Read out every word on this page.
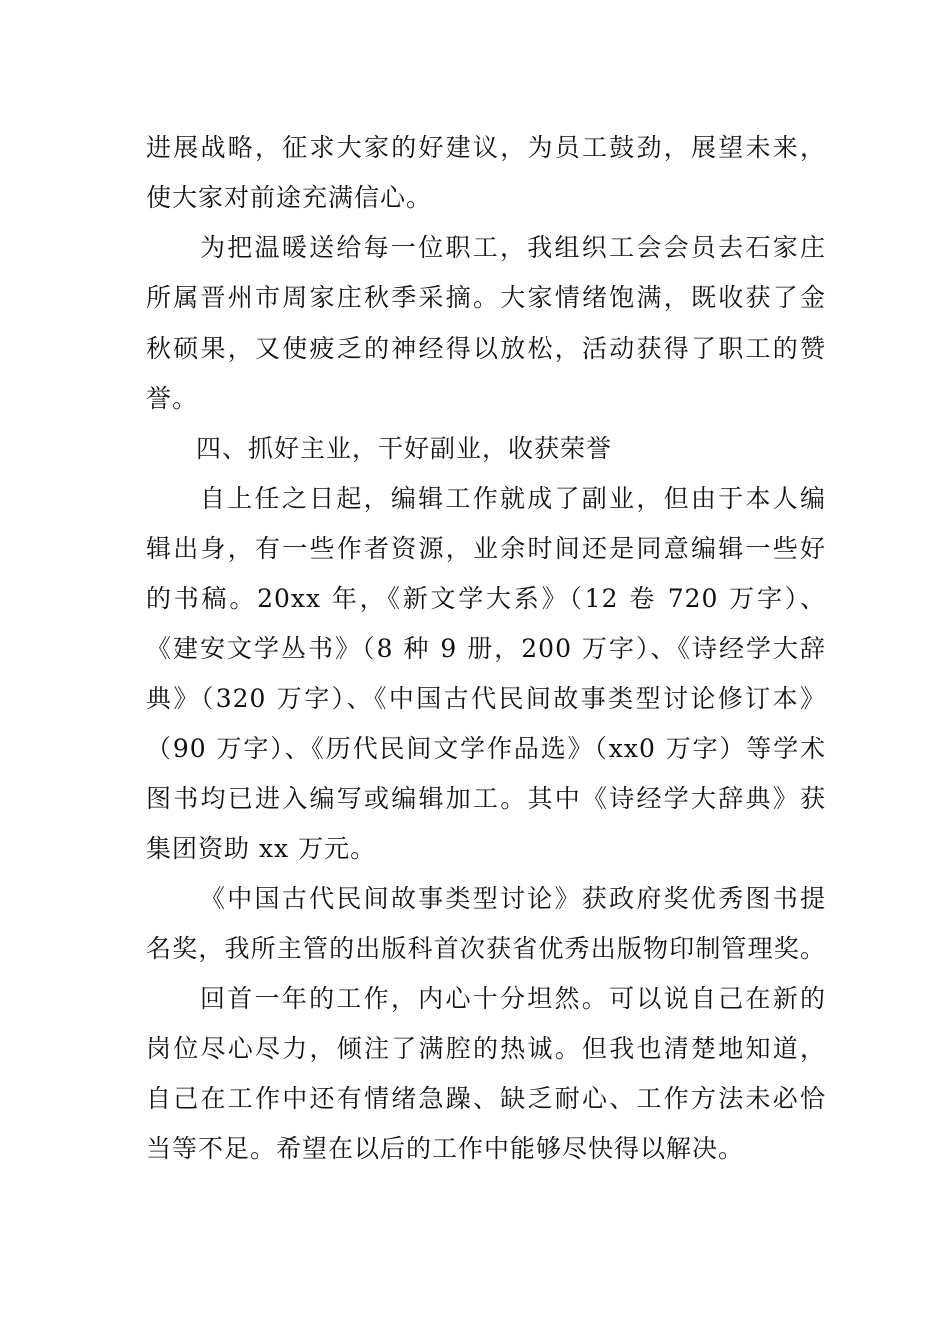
进展战略，征求大家的好建议，为员工鼓劲，展望未来，
使大家对前途充满信心。
为把温暖送给每一位职工，我组织工会会员去石家庄
所属晋州市周家庄秋季采摘。大家情绪饱满，既收获了金
秋硕果，又使疲乏的神经得以放松，活动获得了职工的赞
誉。
四、抓好主业，干好副业，收获荣誉
自上任之日起，编辑工作就成了副业，但由于本人编
辑出身，有一些作者资源，业余时间还是同意编辑一些好
的书稿。20xx 年，《新文学大系》（12 卷 720 万字）、
《建安文学丛书》（8 种 9 册，200 万字）、《诗经学大辞
典》（320 万字）、《中国古代民间故事类型讨论修订本》
（90 万字）、《历代民间文学作品选》（xx0 万字）等学术
图书均已进入编写或编辑加工。其中《诗经学大辞典》获
集团资助 xx 万元。
《中国古代民间故事类型讨论》获政府奖优秀图书提
名奖，我所主管的出版科首次获省优秀出版物印制管理奖。
回首一年的工作，内心十分坦然。可以说自己在新的
岗位尽心尽力，倾注了满腔的热诚。但我也清楚地知道，
自己在工作中还有情绪急躁、缺乏耐心、工作方法未必恰
当等不足。希望在以后的工作中能够尽快得以解决。
